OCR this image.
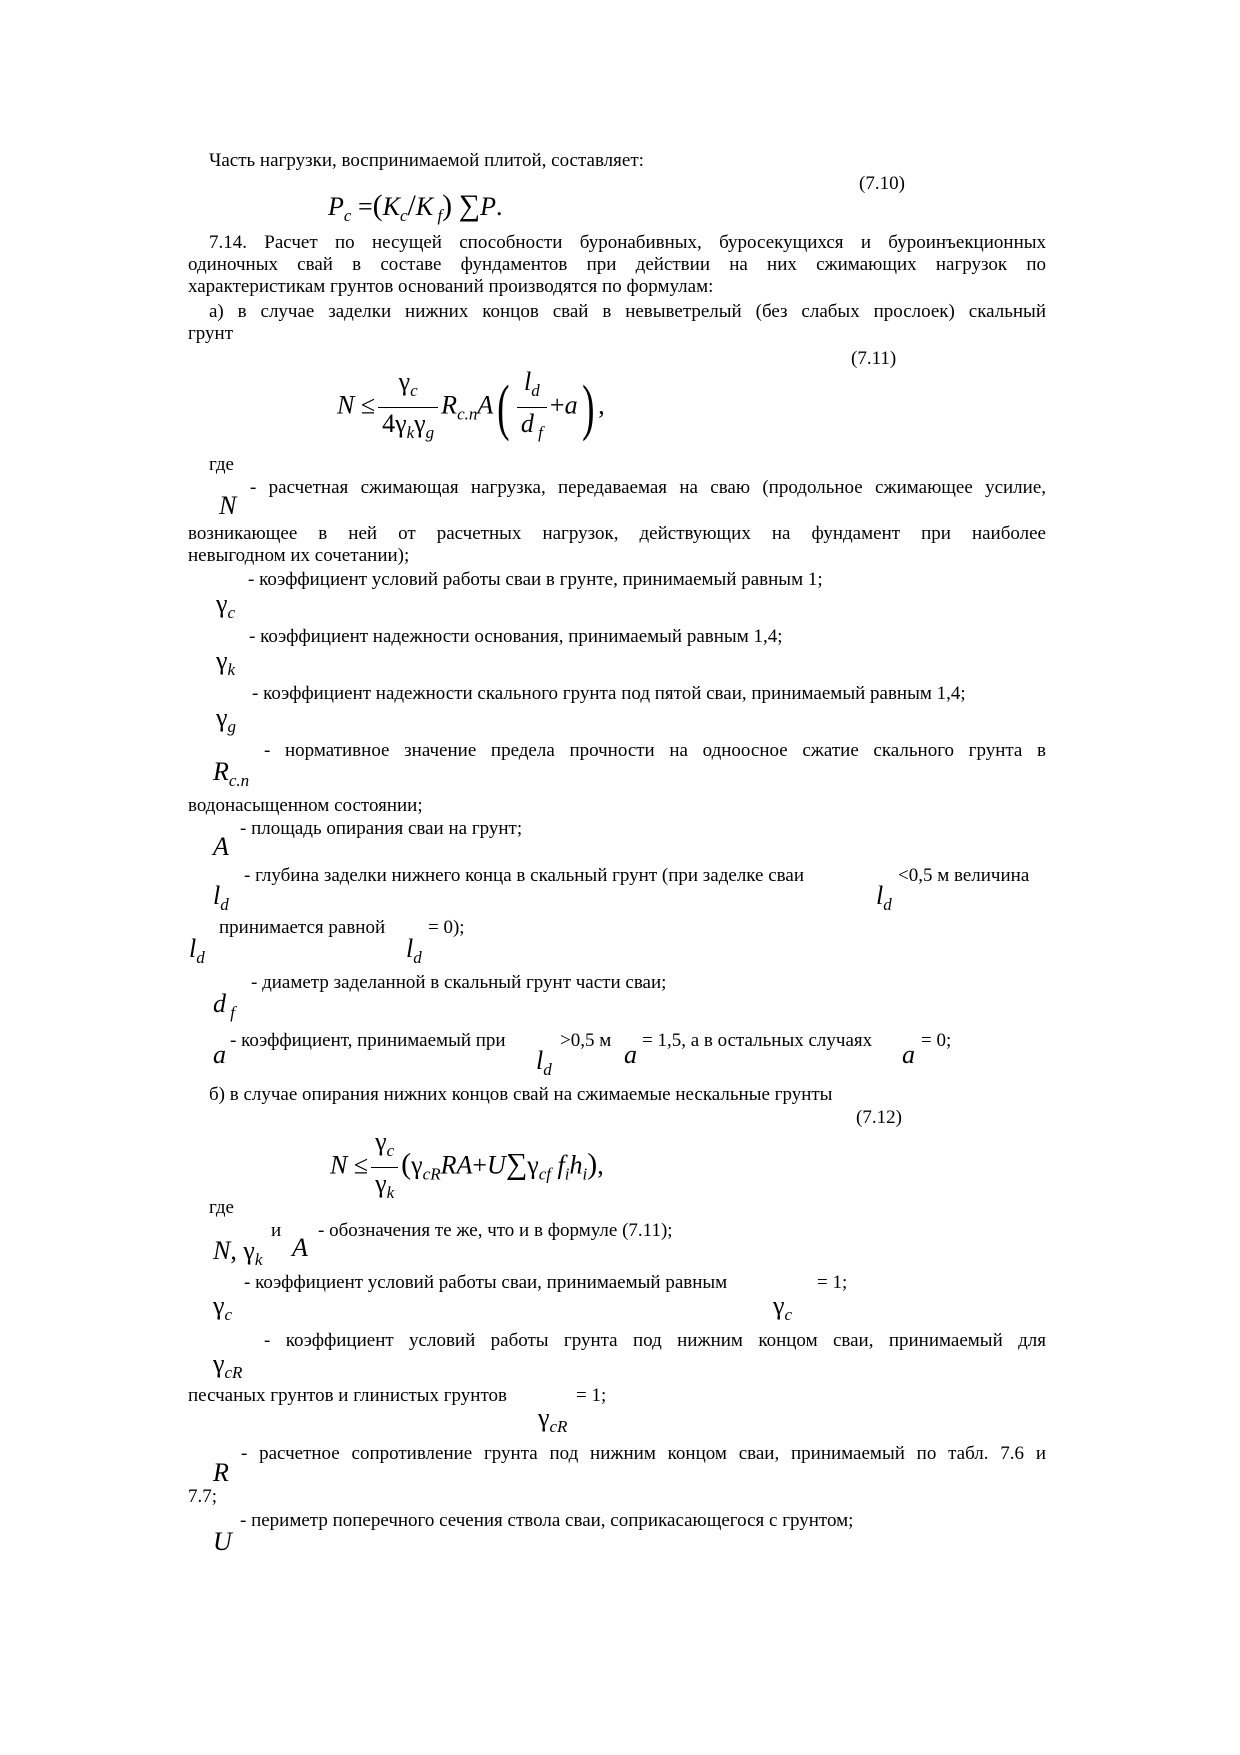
Часть нагрузки, воспринимаемой плитой, составляет:
(7.10)
$P_c =(K_c/K$ $_f$) ∑P.
7.14. Расчет по несущей способности буронабивных, буросекущихся и буроинъекционных
одиночных свай в составе фундаментов при действии на них сжимающих нагрузок по
характеристикам грунтов оснований производятся по формулам:
а) в случае заделки нижних концов свай в невыветрелый (без слабых прослоек) скальный
грунт
(7.11)
$N \le \frac{\gamma_c}{4\gamma_k\gamma_g} R_{c.n}A( \frac{l_d}{d _f} +a)$ ,
где
- расчетная сжимающая нагрузка, передаваемая на сваю (продольное сжимающее усилие,
N
возникающее в ней от расчетных нагрузок, действующих на фундамент при наиболее
невыгодном их сочетании);
- коэффициент условий работы сваи в грунте, принимаемый равным 1;
$\gamma_c$
- коэффициент надежности основания, принимаемый равным 1,4;
$\gamma_k$
- коэффициент надежности скального грунта под пятой сваи, принимаемый равным 1,4;
$\gamma_g$
- нормативное значение предела прочности на одноосное сжатие скального грунта в
$R_{c.n}$
водонасыщенном состоянии;
- площадь опирания сваи на грунт;
A
- глубина заделки нижнего конца в скальный грунт (при заделке сваи	<0,5 м величина
$l_d$	$l_d$
принимается равной = 0);
$l_d$	$l_d$
- диаметр заделанной в скальный грунт части сваи;
d $_f$
- коэффициент, принимаемый при	>0,5 м = 1,5, а в остальных случаях	= 0;
a	$l_d$
a	a
б) в случае опирания нижних концов свай на сжимаемые нескальные грунты
(7.12)
$N \le \frac{\gamma_c}{\gamma_k} (\gamma_{cR}RA+U\sum\gamma_{cf}$ $f_ih_i$),
где
и - обозначения те же, что и в формуле (7.11);
N, $\gamma_k$ A
- коэффициент условий работы сваи, принимаемый равным	= 1;
$\gamma_c$	$\gamma_c$
- коэффициент условий работы грунта под нижним концом сваи, принимаемый для
$\gamma_{cR}$
песчаных грунтов и глинистых грунтов	= 1;
$\gamma_{cR}$
- расчетное сопротивление грунта под нижним концом сваи, принимаемый по табл. 7.6 и
R
7.7;
- периметр поперечного сечения ствола сваи, соприкасающегося с грунтом;
U
